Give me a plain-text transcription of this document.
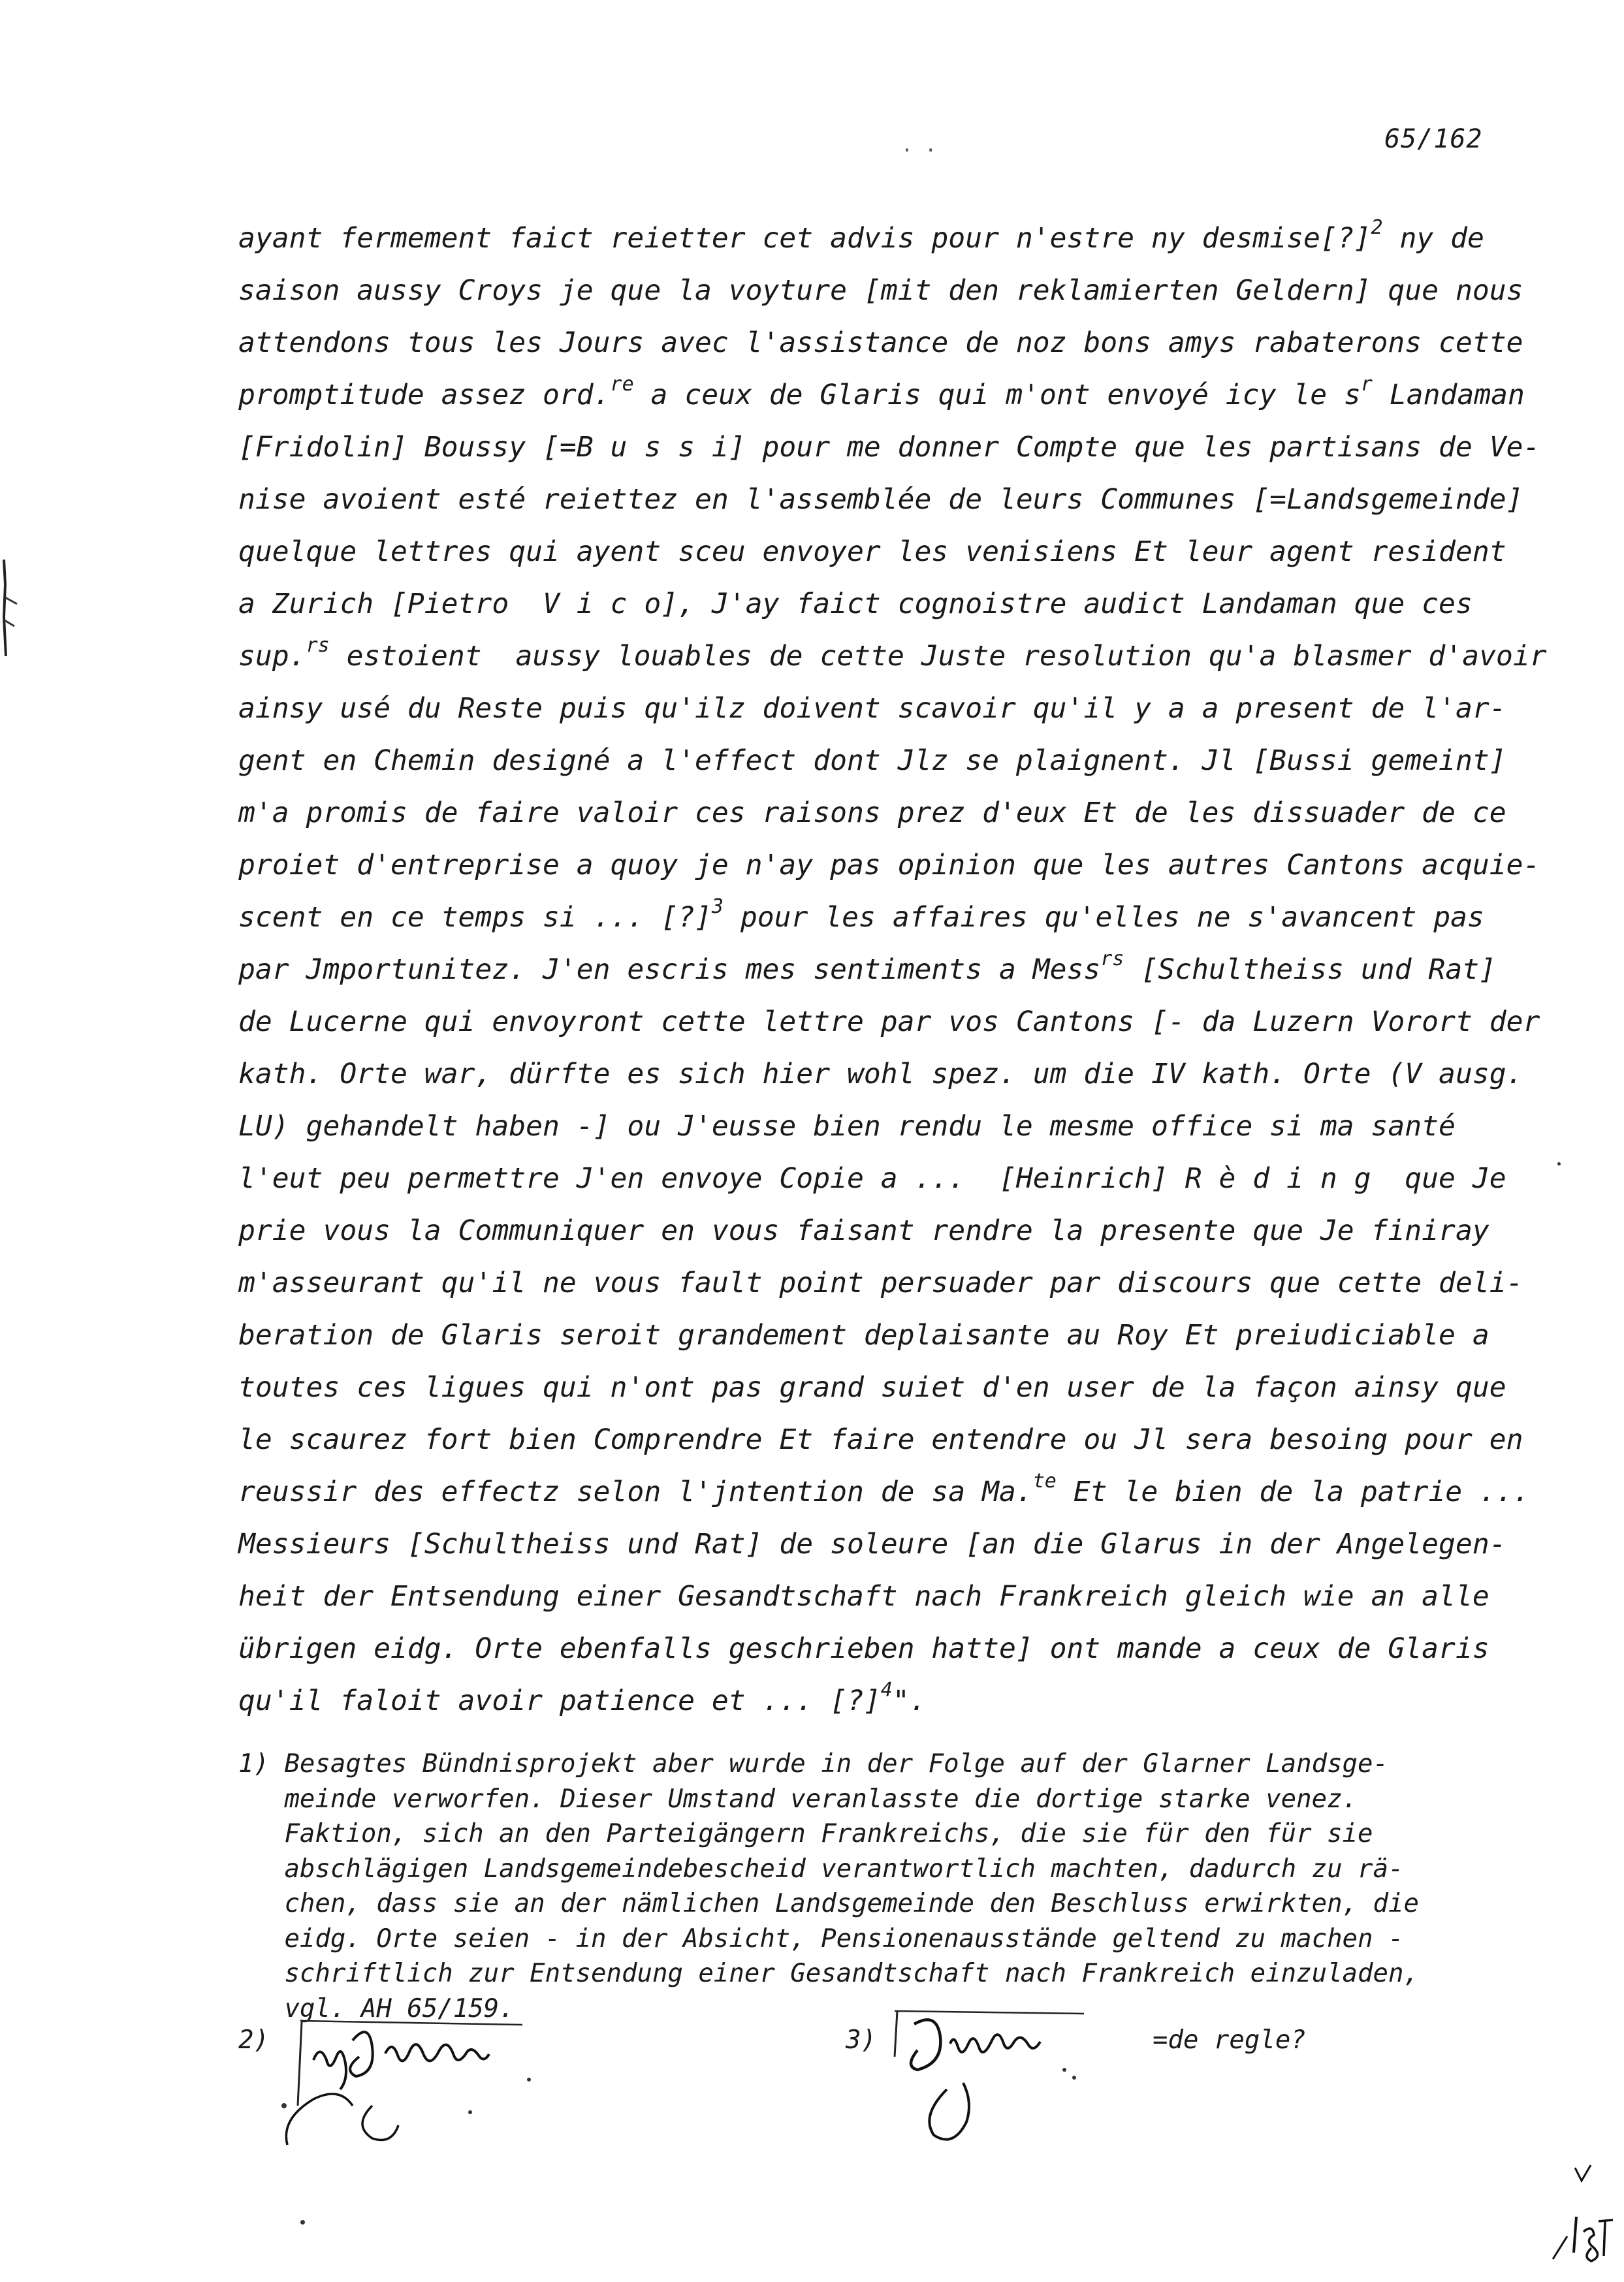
. .	65/162
ayant fermement faict reietter cet advis pour n'estre ny desmise[?]$^2$ ny de
saison aussy Croys je que la voyture [mit den reklamierten Geldern] que nous
attendons tous les Jours avec l'assistance de noz bons amys rabaterons cette
promptitude assez ord.$^{re}$ a ceux de Glaris qui m'ont envoyé icy le $s^r$ Landaman
[Fridolin] Boussy [=B u s s i] pour me donner Compte que les partisans de Ve-
nise avoient esté reiettez en l'assemblée de leurs Communes [=Landsgemeinde]
quelque lettres qui ayent sceu envoyer les venisiens Et leur agent resident
a Zurich [Pietro  V i c o], J'ay faict cognoistre audict Landaman que ces
sup.$^{rs}$ estoient  aussy louables de cette Juste resolution qu'a blasmer d'avoir
ainsy usé du Reste puis qu'ilz doivent scavoir qu'il y a a present de l'ar-
gent en Chemin designé a l'effect dont Jlz se plaignent. Jl [Bussi gemeint]
m'a promis de faire valoir ces raisons prez d'eux Et de les dissuader de ce
proiet d'entreprise a quoy je n'ay pas opinion que les autres Cantons acquie-
scent en ce temps si ... [?]$^3$ pour les affaires qu'elles ne s'avancent pas
par Jmportunitez. J'en escris mes sentiments a Mess$^{rs}$ [Schultheiss und Rat]
de Lucerne qui envoyront cette lettre par vos Cantons [- da Luzern Vorort der
kath. Orte war, dürfte es sich hier wohl spez. um die IV kath. Orte (V ausg.
LU) gehandelt haben -] ou J'eusse bien rendu le mesme office si ma santé
l'eut peu permettre J'en envoye Copie a ...  [Heinrich] R è d i n g  que Je
prie vous la Communiquer en vous faisant rendre la presente que Je finiray
m'asseurant qu'il ne vous fault point persuader par discours que cette deli-
beration de Glaris seroit grandement deplaisante au Roy Et preiudiciable a
toutes ces ligues qui n'ont pas grand suiet d'en user de la façon ainsy que
le scaurez fort bien Comprendre Et faire entendre ou Jl sera besoing pour en
reussir des effectz selon l'jntention de sa Ma.$^{te}$ Et le bien de la patrie ...
Messieurs [Schultheiss und Rat] de soleure [an die Glarus in der Angelegen-
heit der Entsendung einer Gesandtschaft nach Frankreich gleich wie an alle
übrigen eidg. Orte ebenfalls geschrieben hatte] ont mande a ceux de Glaris
qu'il faloit avoir patience et ... [?]$^4$".
1) Besagtes Bündnisprojekt aber wurde in der Folge auf der Glarner Landsge-
meinde verworfen. Dieser Umstand veranlasste die dortige starke venez.
Faktion, sich an den Parteigängern Frankreichs, die sie für den für sie
abschlägigen Landsgemeindebescheid verantwortlich machten, dadurch zu rä-
chen, dass sie an der nämlichen Landsgemeinde den Beschluss erwirkten, die
eidg. Orte seien - in der Absicht, Pensionenausstände geltend zu machen -
schriftlich zur Entsendung einer Gesandtschaft nach Frankreich einzuladen,
vgl. AH 65/159.
2)	3)	=de regle?
